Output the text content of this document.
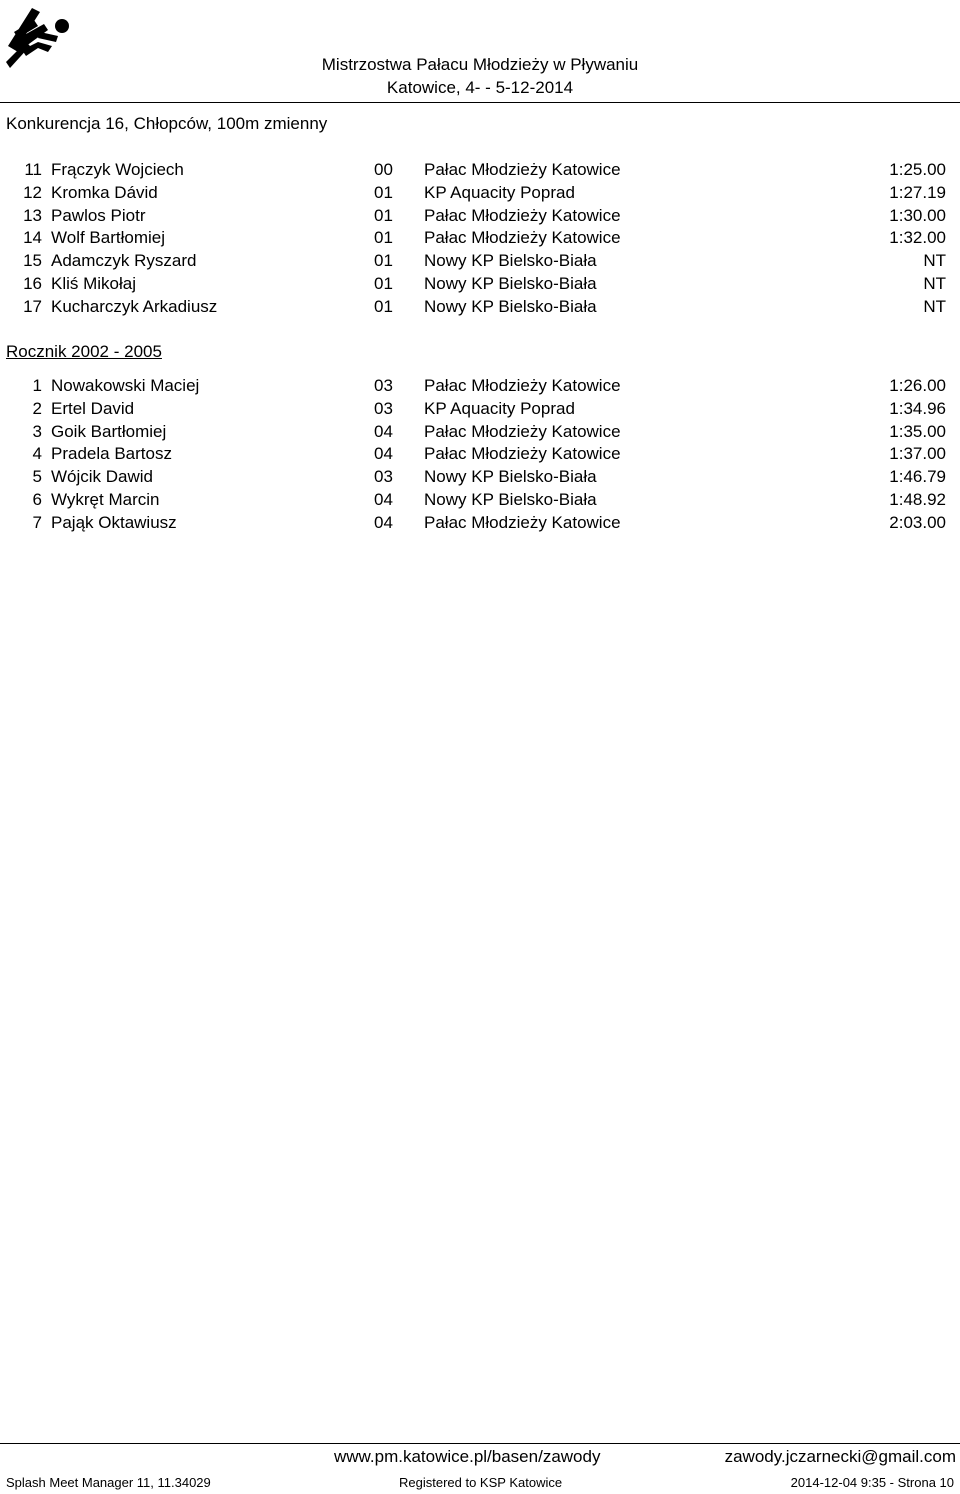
Mistrzostwa Pałacu Młodzieży w Pływaniu
Katowice, 4- - 5-12-2014
Konkurencja 16, Chłopców, 100m zmienny
11 Frączyk Wojciech	00 Pałac Młodzieży Katowice	1:25.00
12 Kromka Dávid	01 KP Aquacity Poprad	1:27.19
13 Pawlos Piotr	01 Pałac Młodzieży Katowice	1:30.00
14 Wolf Bartłomiej	01 Pałac Młodzieży Katowice	1:32.00
15 Adamczyk Ryszard	01 Nowy KP Bielsko-Biała	NT
16 Kliś Mikołaj	01 Nowy KP Bielsko-Biała	NT
17 Kucharczyk Arkadiusz	01 Nowy KP Bielsko-Biała	NT
Rocznik 2002 - 2005
1 Nowakowski Maciej	03 Pałac Młodzieży Katowice	1:26.00
2 Ertel David	03 KP Aquacity Poprad	1:34.96
3 Goik Bartłomiej	04 Pałac Młodzieży Katowice	1:35.00
4 Pradela Bartosz	04 Pałac Młodzieży Katowice	1:37.00
5 Wójcik Dawid	03 Nowy KP Bielsko-Biała	1:46.79
6 Wykręt Marcin	04 Nowy KP Bielsko-Biała	1:48.92
7 Pająk Oktawiusz	04 Pałac Młodzieży Katowice	2:03.00
www.pm.katowice.pl/basen/zawody	zawody.jczarnecki@gmail.com
Splash Meet Manager 11, 11.34029	Registered to KSP Katowice	2014-12-04 9:35 - Strona 10
